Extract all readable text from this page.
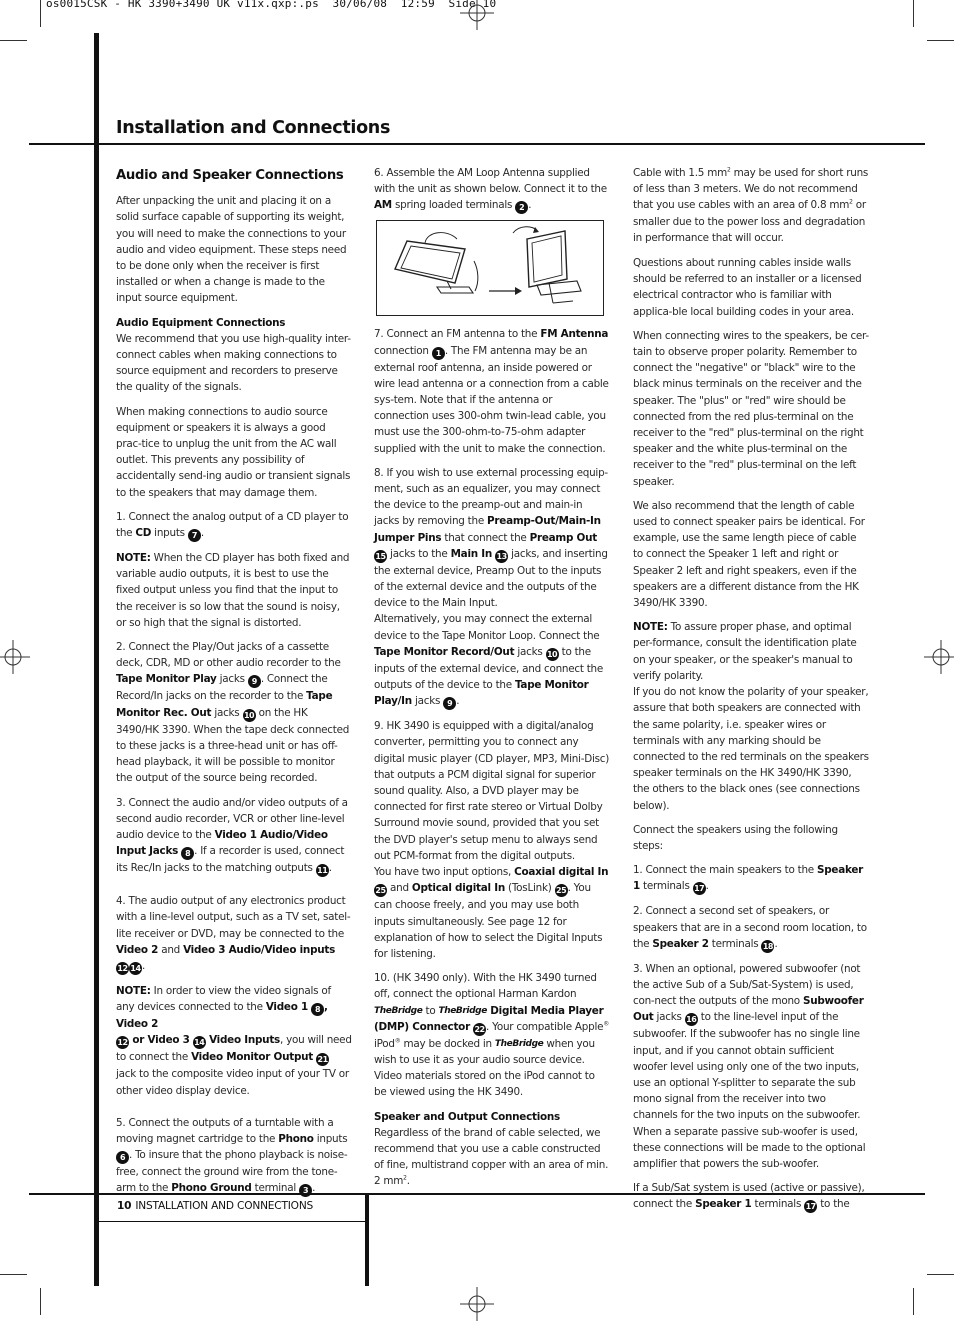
os0015CSK - HK 3390+3490 UK v11x.qxp:.ps  30/06/08  12:59  Side 10
Installation and Connections
Audio and Speaker Connections

After unpacking the unit and placing it on a solid surface capable of supporting its weight, you will need to make the connections to your audio and video equipment. These steps need to be done only when the receiver is first installed or when a change is made to the input source equipment.

Audio Equipment Connections
We recommend that you use high-quality inter-connect cables when making connections to source equipment and recorders to preserve the quality of the signals.

When making connections to audio source equipment or speakers it is always a good prac-tice to unplug the unit from the AC wall outlet. This prevents any possibility of accidentally send-ing audio or transient signals to the speakers that may damage them.

1. Connect the analog output of a CD player to the CD inputs 7 .

NOTE: When the CD player has both fixed and variable audio outputs, it is best to use the fixed output unless you find that the input to the receiver is so low that the sound is noisy, or so high that the signal is distorted.

2. Connect the Play/Out jacks of a cassette deck, CDR, MD or other audio recorder to the Tape Monitor Play jacks 9 . Connect the Record/In jacks on the recorder to the Tape Monitor Rec. Out jacks 10 on the HK 3490/HK 3390. When the tape deck connected to these jacks is a three-head unit or has off-head playback, it will be possible to monitor the output of the source being recorded.

3. Connect the audio and/or video outputs of a second audio recorder, VCR or other line-level audio device to the Video 1 Audio/Video Input Jacks 8 . If a recorder is used, connect its Rec/In jacks to the matching outputs 11.

4. The audio output of any electronics product with a line-level output, such as a TV set, satel-lite receiver or DVD, may be connected to the Video 2 and Video 3 Audio/Video inputs
12 14.

NOTE: In order to view the video signals of any devices connected to the Video 1 8 , Video 2
12 or Video 3 14 Video Inputs, you will need to connect the Video Monitor Output 21 jack to the composite video input of your TV or other video display device.

5. Connect the outputs of a turntable with a moving magnet cartridge to the Phono inputs 6 . To insure that the phono playback is noise-free, connect the ground wire from the tone-arm to the Phono Ground terminal 3 .

6. Assemble the AM Loop Antenna supplied with the unit as shown below. Connect it to the AM spring loaded terminals 2 .

7. Connect an FM antenna to the FM Antenna connection 1 . The FM antenna may be an external roof antenna, an inside powered or wire lead antenna or a connection from a cable sys-tem. Note that if the antenna or connection uses 300-ohm twin-lead cable, you must use the 300-ohm-to-75-ohm adapter supplied with the unit to make the connection.

8. If you wish to use external processing equip-ment, such as an equalizer, you may connect the device to the preamp-out and main-in jacks by removing the Preamp-Out/Main-In Jumper Pins that connect the Preamp Out 15 jacks to the Main In 13 jacks, and inserting the external device, Preamp Out to the inputs of the external device and the outputs of the device to the Main Input.

Alternatively, you may connect the external device to the Tape Monitor Loop. Connect the Tape Monitor Record/Out jacks 10 to the inputs of the external device, and connect the outputs of the device to the Tape Monitor Play/In jacks 9 .

9. HK 3490 is equipped with a digital/analog converter, permitting you to connect any digital music player (CD player, MP3, Mini-Disc) that outputs a PCM digital signal for superior sound quality. Also, a DVD player may be connected for first rate stereo or Virtual Dolby Surround movie sound, provided that you set the DVD player's setup menu to always send out PCM-format from the digital outputs.

You have two input options, Coaxial digital In 25 and Optical digital In (TosLink) 25. You can choose freely, and you may use both inputs simultaneously. See page 12 for explanation of how to select the Digital Inputs for listening.

10. (HK 3490 only). With the HK 3490 turned off, connect the optional Harman Kardon TheBridge to TheBridge Digital Media Player (DMP) Connector 22. Your compatible Apple® iPod® may be docked in TheBridge when you wish to use it as your audio source device. Video materials stored on the iPod cannot to be viewed using the HK 3490.

Speaker and Output Connections
Regardless of the brand of cable selected, we recommend that you use a cable constructed of fine, multistrand copper with an area of min. 2 $mm^2$.

Cable with 1.5 $mm^2$ may be used for short runs of less than 3 meters. We do not recommend that you use cables with an area of 0.8 $mm^2$ or smaller due to the power loss and degradation in performance that will occur.

Questions about running cables inside walls should be referred to an installer or a licensed electrical contractor who is familiar with applica-ble local building codes in your area.

When connecting wires to the speakers, be cer-tain to observe proper polarity. Remember to connect the "negative" or "black" wire to the black minus terminals on the receiver and the speaker. The "plus" or "red" wire should be connected from the red plus-terminal on the receiver to the "red" plus-terminal on the right speaker and the white plus-terminal on the receiver to the "red" plus-terminal on the left speaker.

We also recommend that the length of cable used to connect speaker pairs be identical. For example, use the same length piece of cable to connect the Speaker 1 left and right or Speaker 2 left and right speakers, even if the speakers are a different distance from the HK 3490/HK 3390.

NOTE: To assure proper phase, and optimal per-formance, consult the identification plate on your speaker, or the speaker's manual to verify polarity.

If you do not know the polarity of your speaker, assure that both speakers are connected with the same polarity, i.e. speaker wires or terminals with any marking should be connected to the red terminals on the speakers speaker terminals on the HK 3490/HK 3390, the others to the black ones (see connections below).

Connect the speakers using the following steps:

1. Connect the main speakers to the Speaker 1 terminals 17.

2. Connect a second set of speakers, or speakers that are in a second room location, to the Speaker 2 terminals 18.

3. When an optional, powered subwoofer (not the active Sub of a Sub/Sat-System) is used, con-nect the outputs of the mono Subwoofer Out jacks 16 to the line-level input of the subwoofer. If the subwoofer has no single line input, and if you cannot obtain sufficient woofer level using only one of the two inputs, use an optional Y-splitter to separate the sub mono signal from the receiver into two channels for the two inputs on the subwoofer. When a separate passive sub-woofer is used, these connections will be made to the optional amplifier that powers the sub-woofer.

If a Sub/Sat system is used (active or passive), connect the Speaker 1 terminals 17 to the

10 INSTALLATION AND CONNECTIONS
